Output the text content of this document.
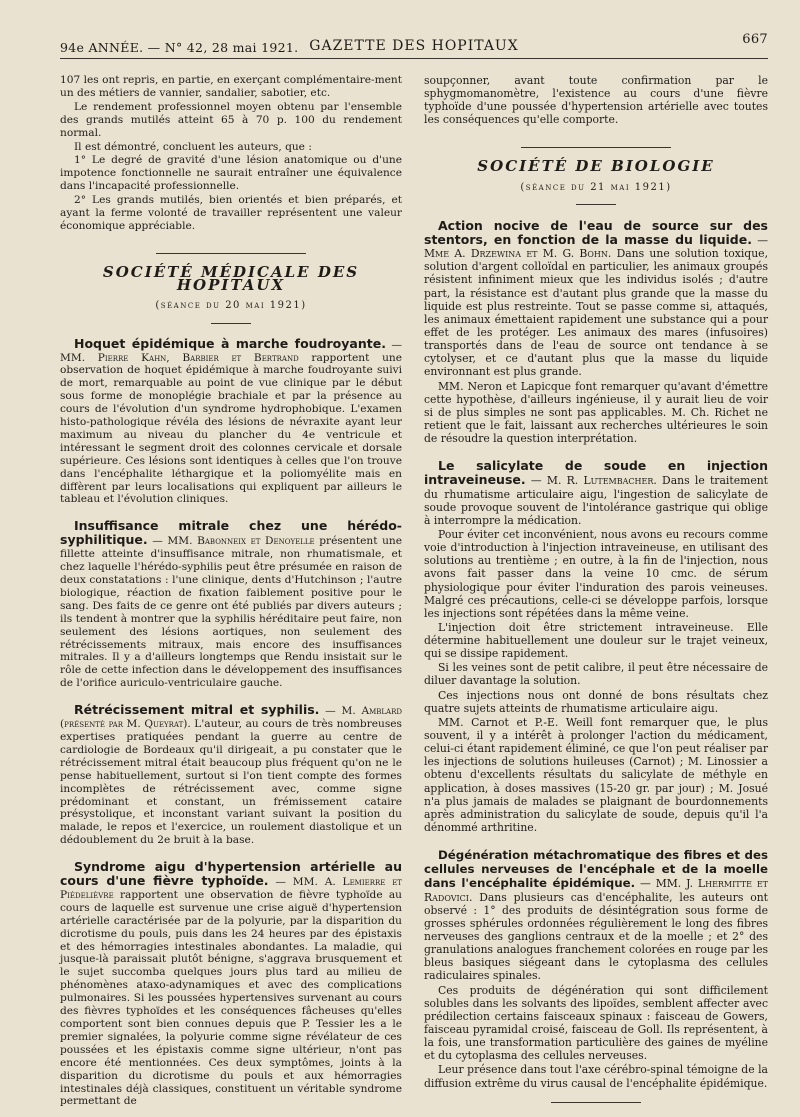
94e ANNÉE. — N° 42, 28 mai 1921. GAZETTE DES HOPITAUX	667

107 les ont repris, en partie, en exerçant complémentaire-ment un des métiers de vannier, sandalier, sabotier, etc.

Le rendement professionnel moyen obtenu par l'ensemble des grands mutilés atteint 65 à 70 p. 100 du rendement normal.

Il est démontré, concluent les auteurs, que :

1° Le degré de gravité d'une lésion anatomique ou d'une impotence fonctionnelle ne saurait entraîner une équivalence dans l'incapacité professionnelle.

2° Les grands mutilés, bien orientés et bien préparés, et ayant la ferme volonté de travailler représentent une valeur économique appréciable.

SOCIÉTÉ MÉDICALE DES HOPITAUX
(séance du 20 mai 1921)

Hoquet épidémique à marche foudroyante. — MM. Pierre Kahn, Barbier et Bertrand rapportent une observation de hoquet épidémique à marche foudroyante suivi de mort, remarquable au point de vue clinique par le début sous forme de monoplégie brachiale et par la présence au cours de l'évolution d'un syndrome hydrophobique. L'examen histo-pathologique révéla des lésions de névraxite ayant leur maximum au niveau du plancher du 4e ventricule et intéressant le segment droit des colonnes cervicale et dorsale supérieure. Ces lésions sont identiques à celles que l'on trouve dans l'encéphalite léthargique et la poliomyélite mais en diffèrent par leurs localisations qui expliquent par ailleurs le tableau et l'évolution cliniques.

Insuffisance mitrale chez une hérédo-syphilitique. — MM. Babonneix et Denoyelle présentent une fillette atteinte d'insuffisance mitrale, non rhumatismale, et chez laquelle l'hérédo-syphilis peut être présumée en raison de deux constatations : l'une clinique, dents d'Hutchinson ; l'autre biologique, réaction de fixation faiblement positive pour le sang. Des faits de ce genre ont été publiés par divers auteurs ; ils tendent à montrer que la syphilis héréditaire peut faire, non seulement des lésions aortiques, non seulement des rétrécissements mitraux, mais encore des insuffisances mitrales. Il y a d'ailleurs longtemps que Rendu insistait sur le rôle de cette infection dans le développement des insuffisances de l'orifice auriculo-ventriculaire gauche.

Rétrécissement mitral et syphilis. — M. Amblard (présenté par M. Queyrat). L'auteur, au cours de très nombreuses expertises pratiquées pendant la guerre au centre de cardiologie de Bordeaux qu'il dirigeait, a pu constater que le rétrécissement mitral était beaucoup plus fréquent qu'on ne le pense habituellement, surtout si l'on tient compte des formes incomplètes de rétrécissement avec, comme signe prédominant et constant, un frémissement cataire présystolique, et inconstant variant suivant la position du malade, le repos et l'exercice, un roulement diastolique et un dédoublement du 2e bruit à la base.

Syndrome aigu d'hypertension artérielle au cours d'une fièvre typhoïde. — MM. A. Lemierre et Piédelièvre rapportent une observation de fièvre typhoïde au cours de laquelle est survenue une crise aiguë d'hypertension artérielle caractérisée par de la polyurie, par la disparition du dicrotisme du pouls, puis dans les 24 heures par des épistaxis et des hémorragies intestinales abondantes. La maladie, qui jusque-là paraissait plutôt bénigne, s'aggrava brusquement et le sujet succomba quelques jours plus tard au milieu de phénomènes ataxo-adynamiques et avec des complications pulmonaires. Si les poussées hypertensives survenant au cours des fièvres typhoïdes et les conséquences fâcheuses qu'elles comportent sont bien connues depuis que P. Tessier les a le premier signalées, la polyurie comme signe révélateur de ces poussées et les épistaxis comme signe ultérieur, n'ont pas encore été mentionnées. Ces deux symptômes, joints à la disparition du dicrotisme du pouls et aux hémorragies intestinales déjà classiques, constituent un véritable syndrome permettant de

soupçonner, avant toute confirmation par le sphygmomanomètre, l'existence au cours d'une fièvre typhoïde d'une poussée d'hypertension artérielle avec toutes les conséquences qu'elle comporte.

SOCIÉTÉ DE BIOLOGIE
(séance du 21 mai 1921)

Action nocive de l'eau de source sur des stentors, en fonction de la masse du liquide. — Mme A. Drzewina et M. G. Bohn. Dans une solution toxique, solution d'argent colloïdal en particulier, les animaux groupés résistent infiniment mieux que les individus isolés ; d'autre part, la résistance est d'autant plus grande que la masse du liquide est plus restreinte. Tout se passe comme si, attaqués, les animaux émettaient rapidement une substance qui a pour effet de les protéger. Les animaux des mares (infusoires) transportés dans de l'eau de source ont tendance à se cytolyser, et ce d'autant plus que la masse du liquide environnant est plus grande.

MM. Neron et Lapicque font remarquer qu'avant d'émettre cette hypothèse, d'ailleurs ingénieuse, il y aurait lieu de voir si de plus simples ne sont pas applicables. M. Ch. Richet ne retient que le fait, laissant aux recherches ultérieures le soin de résoudre la question interprétation.

Le salicylate de soude en injection intraveineuse. — M. R. Lutembacher. Dans le traitement du rhumatisme articulaire aigu, l'ingestion de salicylate de soude provoque souvent de l'intolérance gastrique qui oblige à interrompre la médication.

Pour éviter cet inconvénient, nous avons eu recours comme voie d'introduction à l'injection intraveineuse, en utilisant des solutions au trentième ; en outre, à la fin de l'injection, nous avons fait passer dans la veine 10 cmc. de sérum physiologique pour éviter l'induration des parois veineuses. Malgré ces précautions, celle-ci se développe parfois, lorsque les injections sont répétées dans la même veine.

L'injection doit être strictement intraveineuse. Elle détermine habituellement une douleur sur le trajet veineux, qui se dissipe rapidement.

Si les veines sont de petit calibre, il peut être nécessaire de diluer davantage la solution.

Ces injections nous ont donné de bons résultats chez quatre sujets atteints de rhumatisme articulaire aigu.

MM. Carnot et P.-E. Weill font remarquer que, le plus souvent, il y a intérêt à prolonger l'action du médicament, celui-ci étant rapidement éliminé, ce que l'on peut réaliser par les injections de solutions huileuses (Carnot) ; M. Linossier a obtenu d'excellents résultats du salicylate de méthyle en application, à doses massives (15-20 gr. par jour) ; M. Josué n'a plus jamais de malades se plaignant de bourdonnements après administration du salicylate de soude, depuis qu'il l'a dénommé arthritine.

Dégénération métachromatique des fibres et des cellules nerveuses de l'encéphale et de la moelle dans l'encéphalite épidémique. — MM. J. Lhermitte et Radovici. Dans plusieurs cas d'encéphalite, les auteurs ont observé : 1° des produits de désintégration sous forme de grosses sphérules ordonnées régulièrement le long des fibres nerveuses des ganglions centraux et de la moelle ; et 2° des granulations analogues franchement colorées en rouge par les bleus basiques siégeant dans le cytoplasma des cellules radiculaires spinales.

Ces produits de dégénération qui sont difficilement solubles dans les solvants des lipoïdes, semblent affecter avec prédilection certains faisceaux spinaux : faisceau de Gowers, faisceau pyramidal croisé, faisceau de Goll. Ils représentent, à la fois, une transformation particulière des gaines de myéline et du cytoplasma des cellules nerveuses.

Leur présence dans tout l'axe cérébro-spinal témoigne de la diffusion extrême du virus causal de l'encéphalite épidémique.
